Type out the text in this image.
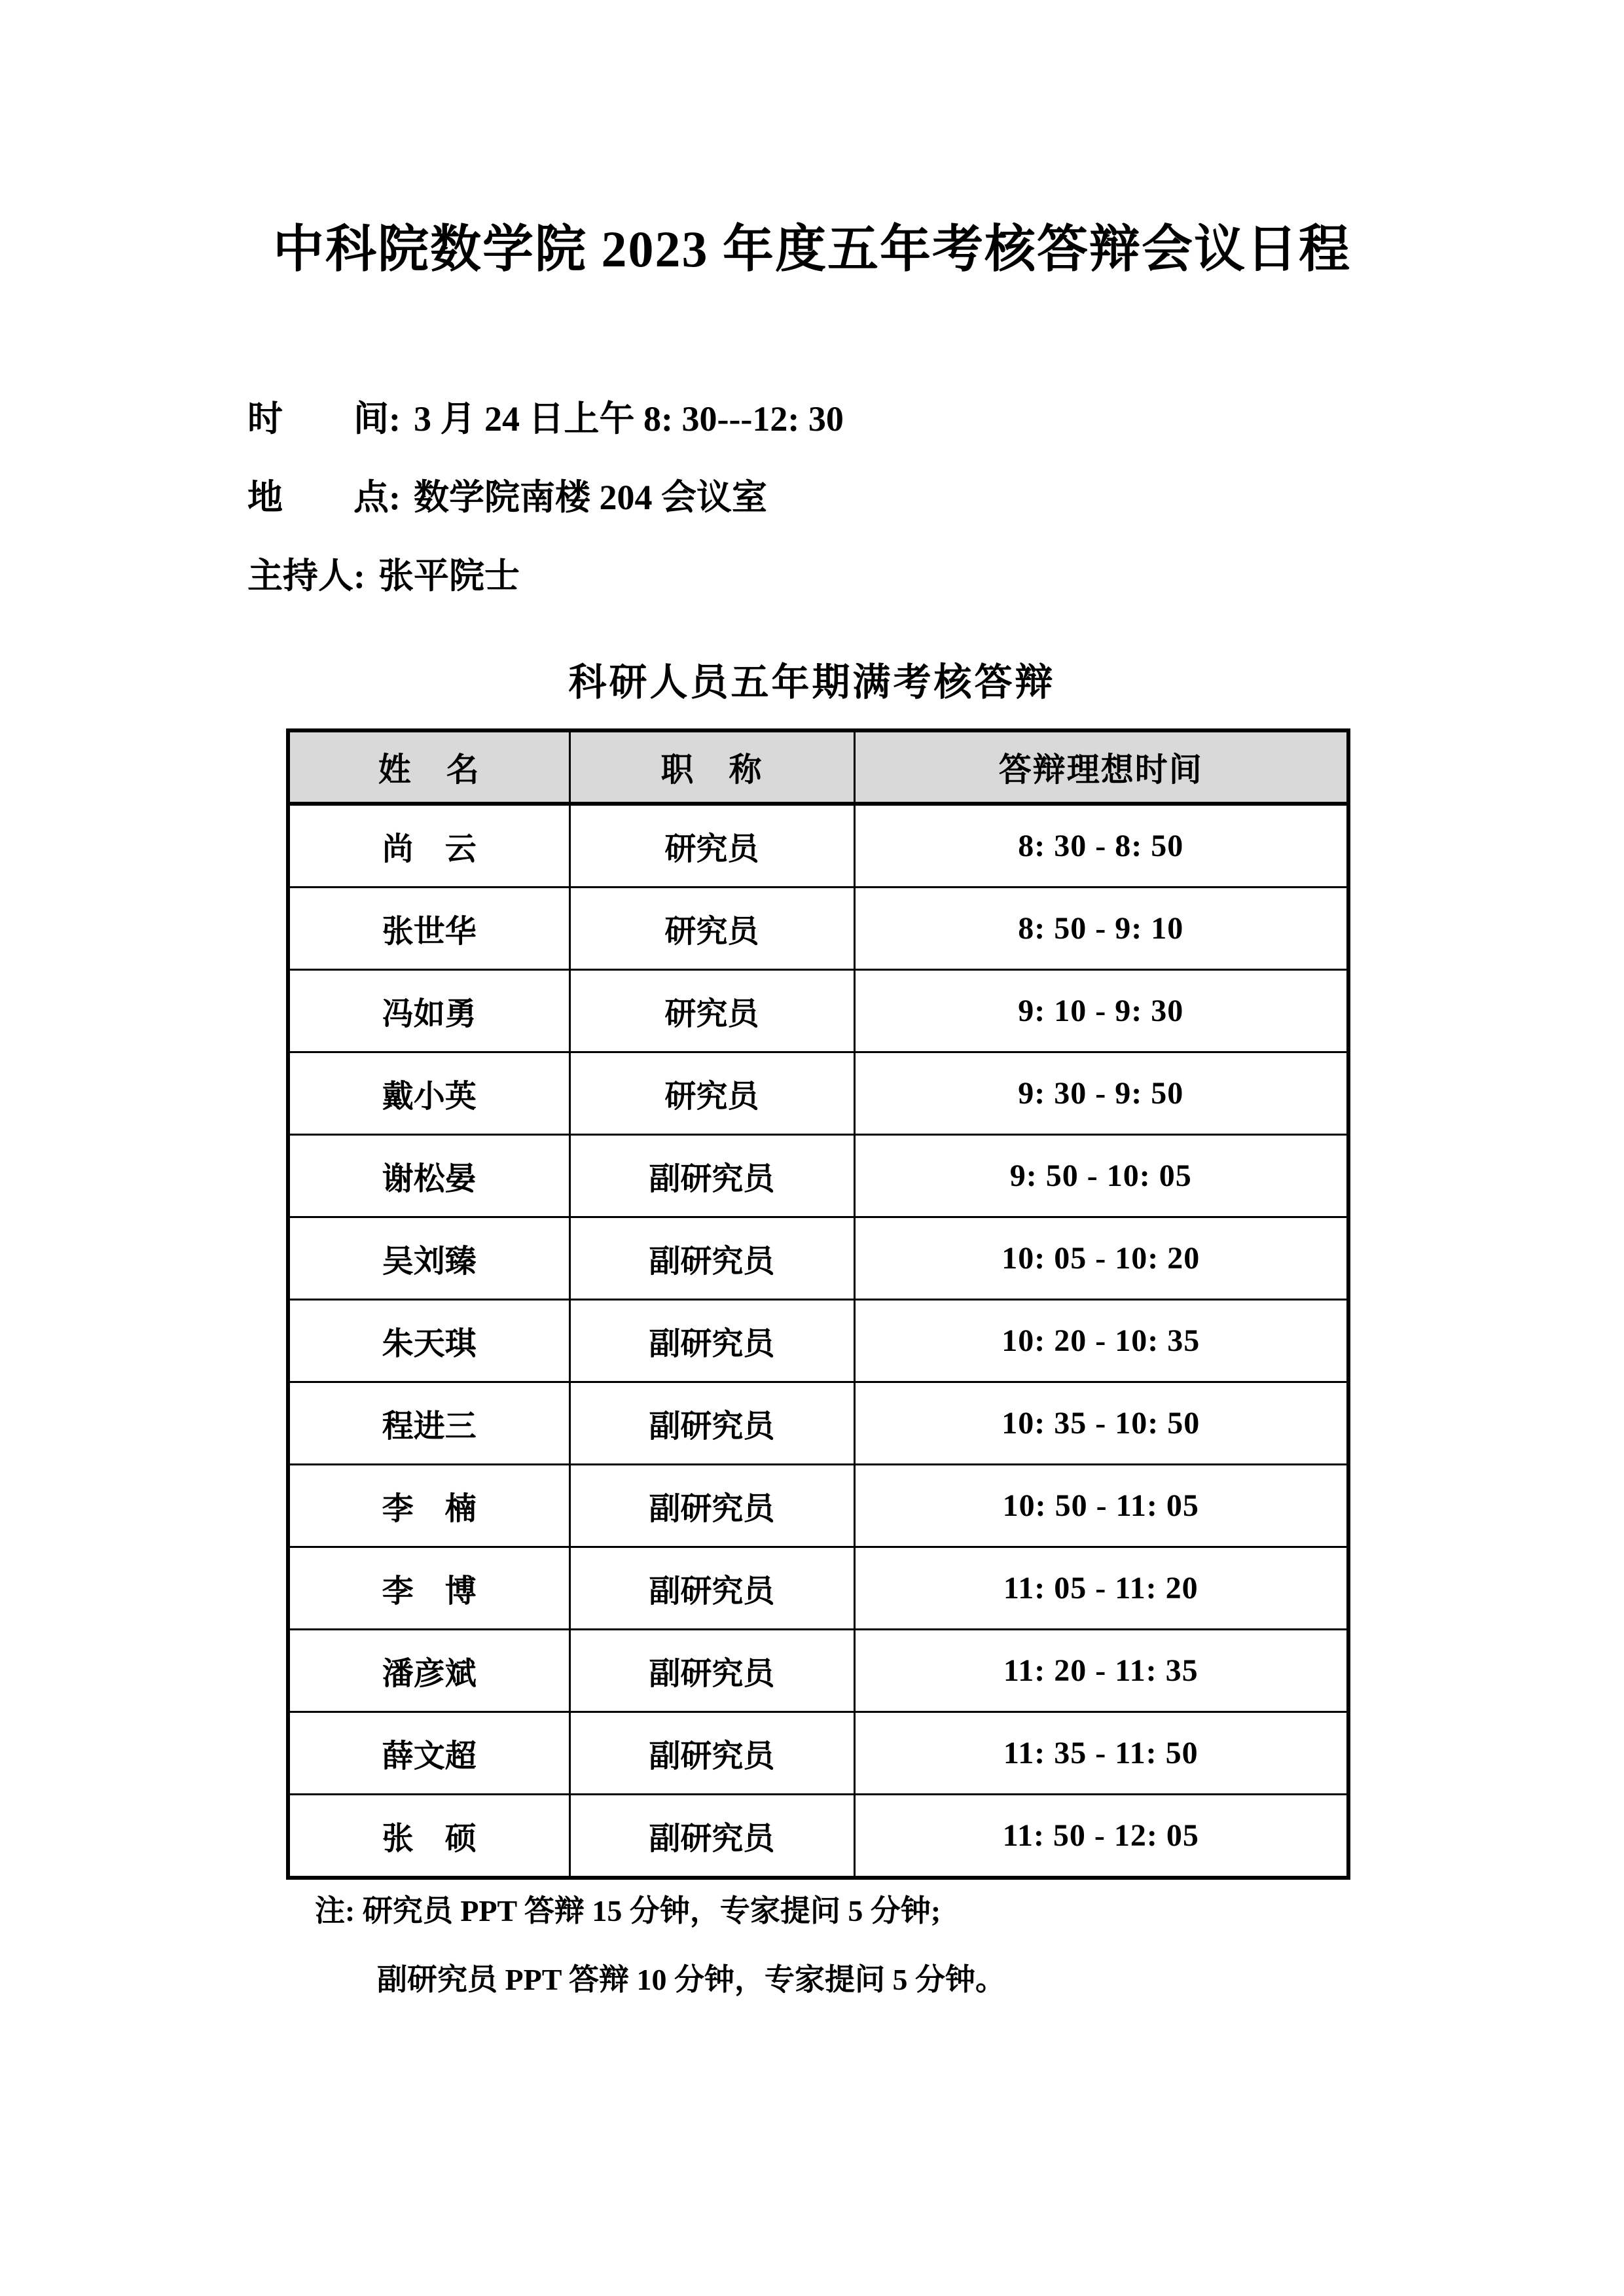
中科院数学院 2023 年度五年考核答辩会议日程
时　　间: 3 月 24 日上午 8: 30---12: 30
地　　点: 数学院南楼 204 会议室
主持人: 张平院士
科研人员五年期满考核答辩
姓　名	职　称	答辩理想时间
尚　云	研究员	8: 30 - 8: 50
张世华	研究员	8: 50 - 9: 10
冯如勇	研究员	9: 10 - 9: 30
戴小英	研究员	9: 30 - 9: 50
谢松晏	副研究员	9: 50 - 10: 05
吴刘臻	副研究员	10: 05 - 10: 20
朱天琪	副研究员	10: 20 - 10: 35
程进三	副研究员	10: 35 - 10: 50
李　楠	副研究员	10: 50 - 11: 05
李　博	副研究员	11: 05 - 11: 20
潘彦斌	副研究员	11: 20 - 11: 35
薛文超	副研究员	11: 35 - 11: 50
张　硕	副研究员	11: 50 - 12: 05
注: 研究员 PPT 答辩 15 分钟，专家提问 5 分钟;
副研究员 PPT 答辩 10 分钟，专家提问 5 分钟。
